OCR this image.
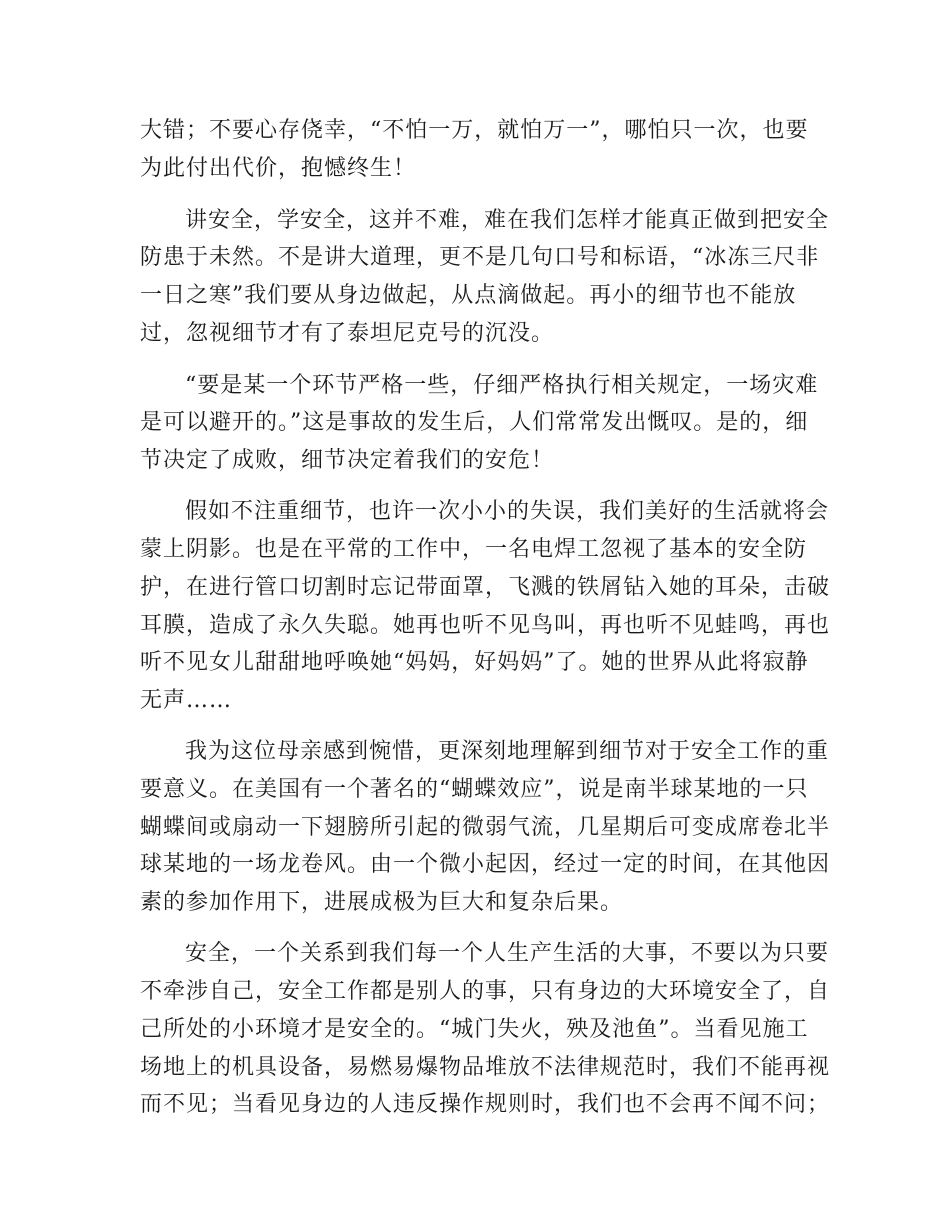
大错；不要心存侥幸，“不怕一万，就怕万一”，哪怕只一次，也要
为此付出代价，抱憾终生！
讲安全，学安全，这并不难，难在我们怎样才能真正做到把安全
防患于未然。不是讲大道理，更不是几句口号和标语，“冰冻三尺非
一日之寒”我们要从身边做起，从点滴做起。再小的细节也不能放
过，忽视细节才有了泰坦尼克号的沉没。
“要是某一个环节严格一些，仔细严格执行相关规定，一场灾难
是可以避开的。”这是事故的发生后，人们常常发出慨叹。是的，细
节决定了成败，细节决定着我们的安危！
假如不注重细节，也许一次小小的失误，我们美好的生活就将会
蒙上阴影。也是在平常的工作中，一名电焊工忽视了基本的安全防
护，在进行管口切割时忘记带面罩，飞溅的铁屑钻入她的耳朵，击破
耳膜，造成了永久失聪。她再也听不见鸟叫，再也听不见蛙鸣，再也
听不见女儿甜甜地呼唤她“妈妈，好妈妈”了。她的世界从此将寂静
无声……
我为这位母亲感到惋惜，更深刻地理解到细节对于安全工作的重
要意义。在美国有一个著名的“蝴蝶效应”，说是南半球某地的一只
蝴蝶间或扇动一下翅膀所引起的微弱气流，几星期后可变成席卷北半
球某地的一场龙卷风。由一个微小起因，经过一定的时间，在其他因
素的参加作用下，进展成极为巨大和复杂后果。
安全，一个关系到我们每一个人生产生活的大事，不要以为只要
不牵涉自己，安全工作都是别人的事，只有身边的大环境安全了，自
己所处的小环境才是安全的。“城门失火，殃及池鱼”。当看见施工
场地上的机具设备，易燃易爆物品堆放不法律规范时，我们不能再视
而不见；当看见身边的人违反操作规则时，我们也不会再不闻不问；
